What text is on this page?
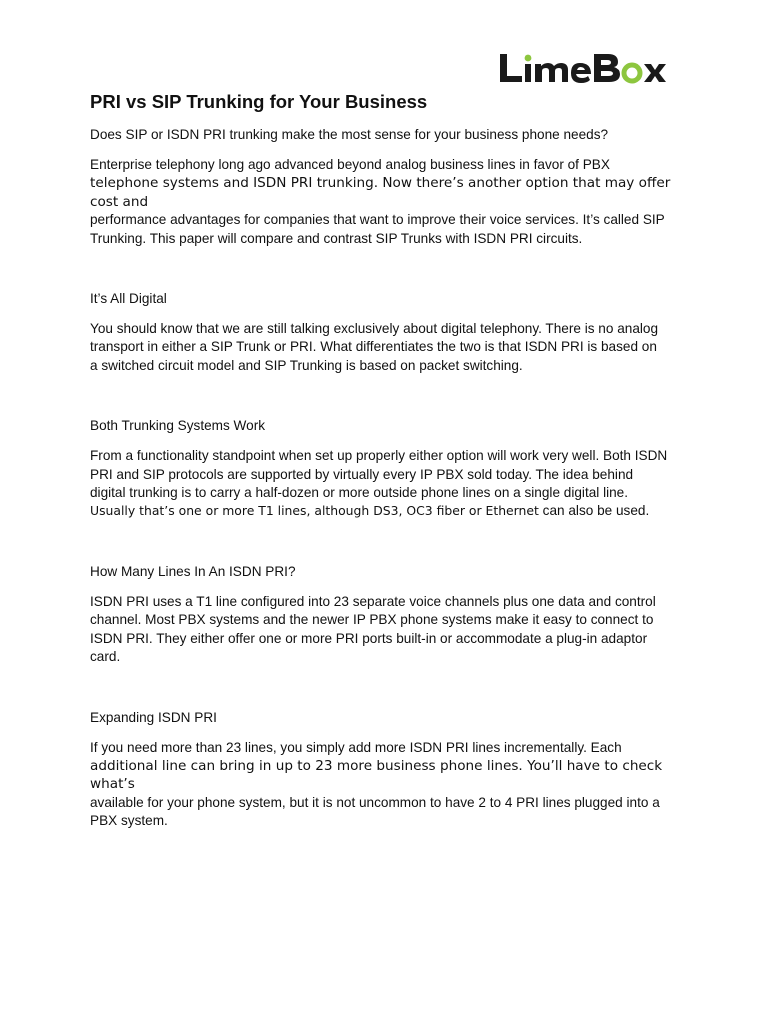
PRI vs SIP Trunking for Your Business

Does SIP or ISDN PRI trunking make the most sense for your business phone needs?

Enterprise telephony long ago advanced beyond analog business lines in favor of PBX

telephone systems and ISDN PRI trunking. Now there’s another option that may offer cost and

performance advantages for companies that want to improve their voice services. It’s called SIP

Trunking. This paper will compare and contrast SIP Trunks with ISDN PRI circuits.

It’s All Digital

You should know that we are still talking exclusively about digital telephony. There is no analog

transport in either a SIP Trunk or PRI. What differentiates the two is that ISDN PRI is based on

a switched circuit model and SIP Trunking is based on packet switching.

Both Trunking Systems Work

From a functionality standpoint when set up properly either option will work very well. Both ISDN

PRI and SIP protocols are supported by virtually every IP PBX sold today. The idea behind

digital trunking is to carry a half-dozen or more outside phone lines on a single digital line.

Usually that’s one or more T1 lines, although DS3, OC3 fiber or Ethernet can also be used.

How Many Lines In An ISDN PRI?

ISDN PRI uses a T1 line configured into 23 separate voice channels plus one data and control

channel. Most PBX systems and the newer IP PBX phone systems make it easy to connect to

ISDN PRI. They either offer one or more PRI ports built-in or accommodate a plug-in adaptor

card.

Expanding ISDN PRI

If you need more than 23 lines, you simply add more ISDN PRI lines incrementally. Each

additional line can bring in up to 23 more business phone lines. You’ll have to check what’s

available for your phone system, but it is not uncommon to have 2 to 4 PRI lines plugged into a

PBX system.
